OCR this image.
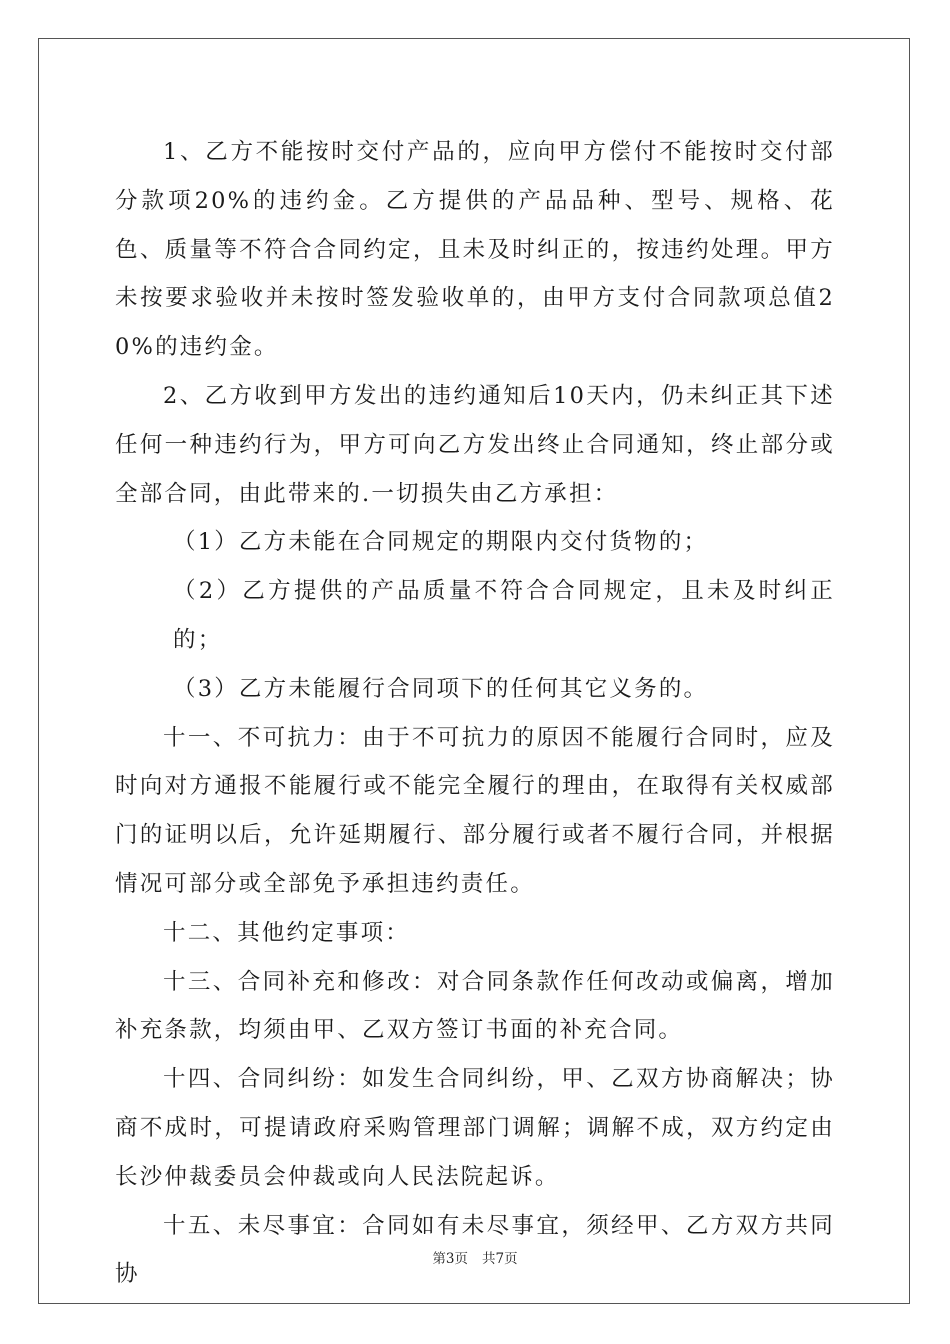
1、乙方不能按时交付产品的，应向甲方偿付不能按时交付部分款项20%的违约金。乙方提供的产品品种、型号、规格、花色、质量等不符合合同约定，且未及时纠正的，按违约处理。甲方未按要求验收并未按时签发验收单的，由甲方支付合同款项总值20%的违约金。

2、乙方收到甲方发出的违约通知后10天内，仍未纠正其下述任何一种违约行为，甲方可向乙方发出终止合同通知，终止部分或全部合同，由此带来的.一切损失由乙方承担：

（1）乙方未能在合同规定的期限内交付货物的；

（2）乙方提供的产品质量不符合合同规定，且未及时纠正的；

（3）乙方未能履行合同项下的任何其它义务的。

十一、不可抗力：由于不可抗力的原因不能履行合同时，应及时向对方通报不能履行或不能完全履行的理由，在取得有关权威部门的证明以后，允许延期履行、部分履行或者不履行合同，并根据情况可部分或全部免予承担违约责任。

十二、其他约定事项：

十三、合同补充和修改：对合同条款作任何改动或偏离，增加补充条款，均须由甲、乙双方签订书面的补充合同。

十四、合同纠纷：如发生合同纠纷，甲、乙双方协商解决；协商不成时，可提请政府采购管理部门调解；调解不成，双方约定由长沙仲裁委员会仲裁或向人民法院起诉。

十五、未尽事宜：合同如有未尽事宜，须经甲、乙方双方共同协

第3页 共7页
